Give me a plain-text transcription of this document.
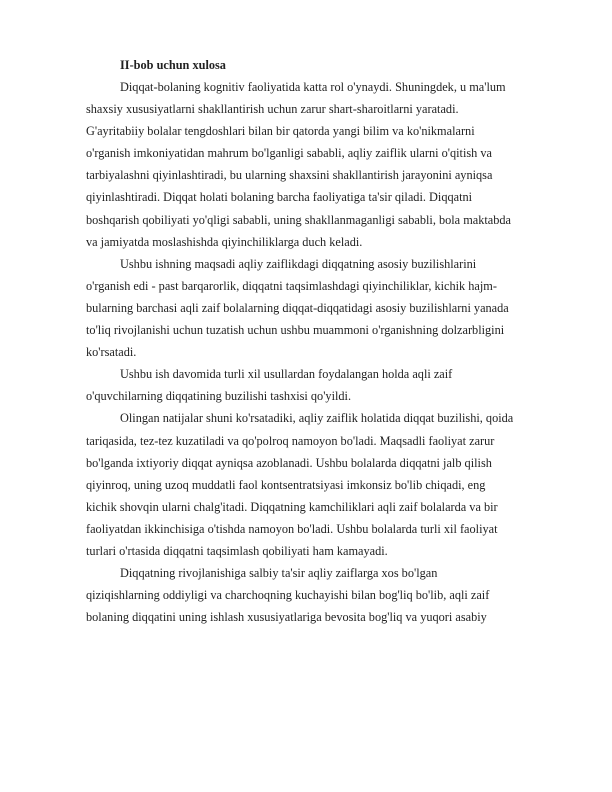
II-bob uchun xulosa
Diqqat-bolaning kognitiv faoliyatida katta rol o'ynaydi. Shuningdek, u ma'lum
shaxsiy xususiyatlarni shakllantirish uchun zarur shart-sharoitlarni yaratadi.
G'ayritabiiy bolalar tengdoshlari bilan bir qatorda yangi bilim va ko'nikmalarni
o'rganish imkoniyatidan mahrum bo'lganligi sababli, aqliy zaiflik ularni o'qitish va
tarbiyalashni qiyinlashtiradi, bu ularning shaxsini shakllantirish jarayonini ayniqsa
qiyinlashtiradi. Diqqat holati bolaning barcha faoliyatiga ta'sir qiladi. Diqqatni
boshqarish qobiliyati yo'qligi sababli, uning shakllanmaganligi sababli, bola maktabda
va jamiyatda moslashishda qiyinchiliklarga duch keladi.
Ushbu ishning maqsadi aqliy zaiflikdagi diqqatning asosiy buzilishlarini
o'rganish edi - past barqarorlik, diqqatni taqsimlashdagi qiyinchiliklar, kichik hajm-
bularning barchasi aqli zaif bolalarning diqqat-diqqatidagi asosiy buzilishlarni yanada
to'liq rivojlanishi uchun tuzatish uchun ushbu muammoni o'rganishning dolzarbligini
ko'rsatadi.
Ushbu ish davomida turli xil usullardan foydalangan holda aqli zaif
o'quvchilarning diqqatining buzilishi tashxisi qo'yildi.
Olingan natijalar shuni ko'rsatadiki, aqliy zaiflik holatida diqqat buzilishi, qoida
tariqasida, tez-tez kuzatiladi va qo'polroq namoyon bo'ladi. Maqsadli faoliyat zarur
bo'lganda ixtiyoriy diqqat ayniqsa azoblanadi. Ushbu bolalarda diqqatni jalb qilish
qiyinroq, uning uzoq muddatli faol kontsentratsiyasi imkonsiz bo'lib chiqadi, eng
kichik shovqin ularni chalg'itadi. Diqqatning kamchiliklari aqli zaif bolalarda va bir
faoliyatdan ikkinchisiga o'tishda namoyon bo'ladi. Ushbu bolalarda turli xil faoliyat
turlari o'rtasida diqqatni taqsimlash qobiliyati ham kamayadi.
Diqqatning rivojlanishiga salbiy ta'sir aqliy zaiflarga xos bo'lgan
qiziqishlarning oddiyligi va charchoqning kuchayishi bilan bog'liq bo'lib, aqli zaif
bolaning diqqatini uning ishlash xususiyatlariga bevosita bog'liq va yuqori asabiy
